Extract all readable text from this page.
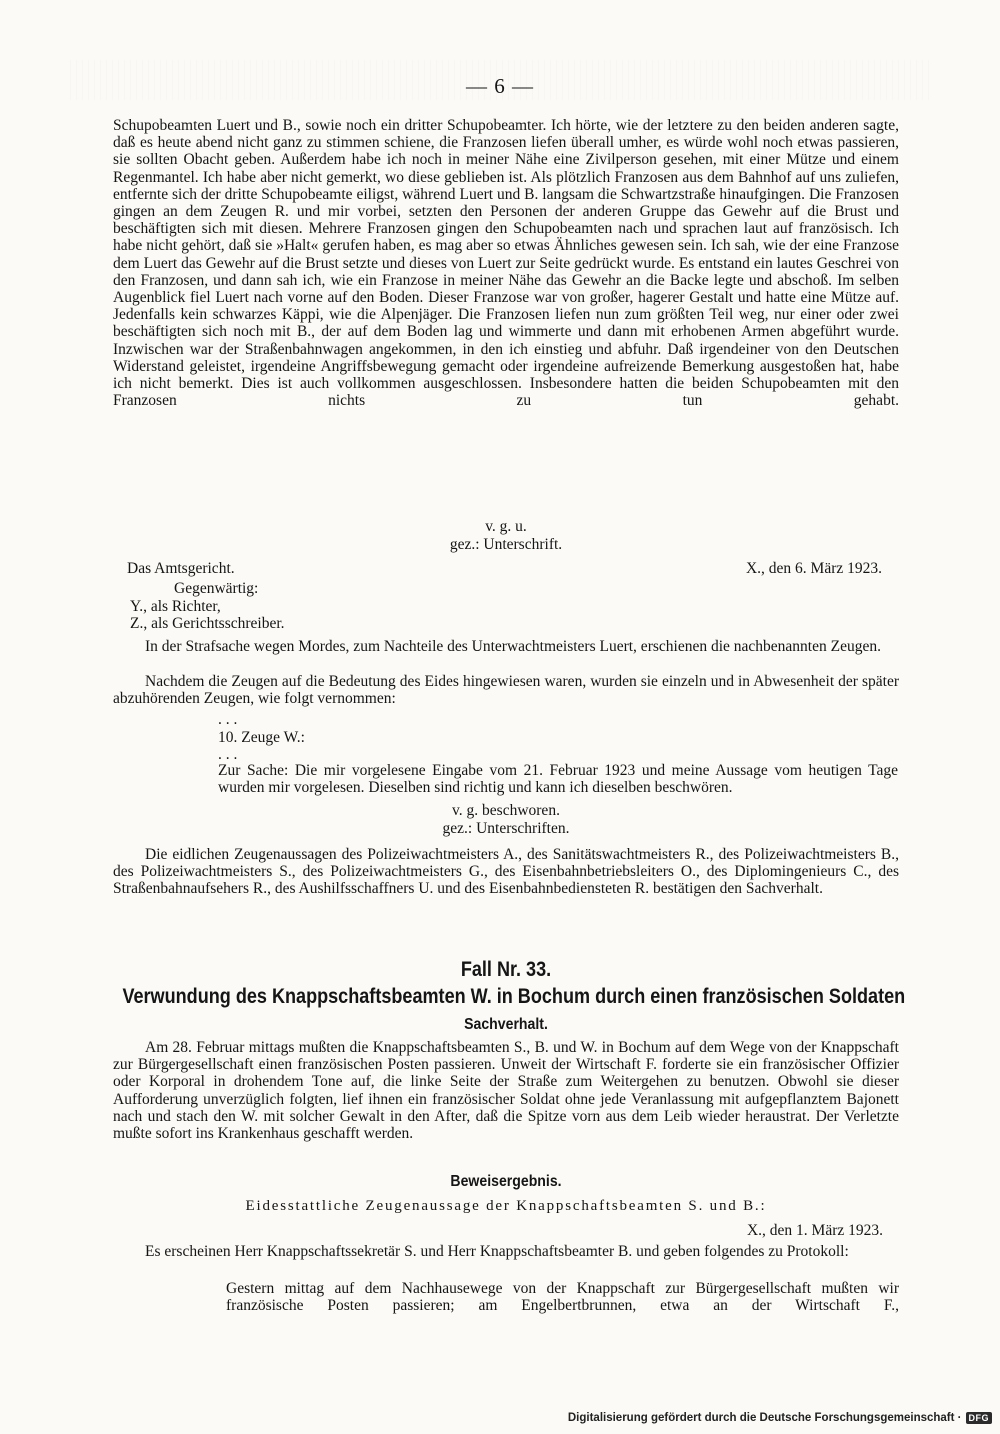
— 6 —
Schupobeamten Luert und B., sowie noch ein dritter Schupobeamter. Ich hörte, wie der letztere zu den beiden anderen sagte, daß es heute abend nicht ganz zu stimmen schiene, die Franzosen liefen überall umher, es würde wohl noch etwas passieren, sie sollten Obacht geben. Außerdem habe ich noch in meiner Nähe eine Zivilperson gesehen, mit einer Mütze und einem Regenmantel. Ich habe aber nicht gemerkt, wo diese geblieben ist. Als plötzlich Franzosen aus dem Bahnhof auf uns zuliefen, entfernte sich der dritte Schupobeamte eiligst, während Luert und B. langsam die Schwartzstraße hinaufgingen. Die Franzosen gingen an dem Zeugen R. und mir vorbei, setzten den Personen der anderen Gruppe das Gewehr auf die Brust und beschäftigten sich mit diesen. Mehrere Franzosen gingen den Schupobeamten nach und sprachen laut auf französisch. Ich habe nicht gehört, daß sie »Halt« gerufen haben, es mag aber so etwas Ähnliches gewesen sein. Ich sah, wie der eine Franzose dem Luert das Gewehr auf die Brust setzte und dieses von Luert zur Seite gedrückt wurde. Es entstand ein lautes Geschrei von den Franzosen, und dann sah ich, wie ein Franzose in meiner Nähe das Gewehr an die Backe legte und abschoß. Im selben Augenblick fiel Luert nach vorne auf den Boden. Dieser Franzose war von großer, hagerer Gestalt und hatte eine Mütze auf. Jedenfalls kein schwarzes Käppi, wie die Alpenjäger. Die Franzosen liefen nun zum größten Teil weg, nur einer oder zwei beschäftigten sich noch mit B., der auf dem Boden lag und wimmerte und dann mit erhobenen Armen abgeführt wurde. Inzwischen war der Straßenbahnwagen angekommen, in den ich einstieg und abfuhr. Daß irgendeiner von den Deutschen Widerstand geleistet, irgendeine Angriffsbewegung gemacht oder irgendeine aufreizende Bemerkung ausgestoßen hat, habe ich nicht bemerkt. Dies ist auch vollkommen ausgeschlossen. Insbesondere hatten die beiden Schupobeamten mit den Franzosen nichts zu tun gehabt.
v. g. u.
gez.: Unterschrift.
Das Amtsgericht.	X., den 6. März 1923.
Gegenwärtig:
Y., als Richter,
Z., als Gerichtsschreiber.
In der Strafsache wegen Mordes, zum Nachteile des Unterwachtmeisters Luert, erschienen die nachbenannten Zeugen.
Nachdem die Zeugen auf die Bedeutung des Eides hingewiesen waren, wurden sie einzeln und in Abwesenheit der später abzuhörenden Zeugen, wie folgt vernommen:
. . .
10. Zeuge W.:
. . .
Zur Sache: Die mir vorgelesene Eingabe vom 21. Februar 1923 und meine Aussage vom heutigen Tage wurden mir vorgelesen. Dieselben sind richtig und kann ich dieselben beschwören.
v. g. beschworen.
gez.: Unterschriften.
Die eidlichen Zeugenaussagen des Polizeiwachtmeisters A., des Sanitätswachtmeisters R., des Polizeiwachtmeisters B., des Polizeiwachtmeisters S., des Polizeiwachtmeisters G., des Eisenbahnbetriebsleiters O., des Diplomingenieurs C., des Straßenbahnaufsehers R., des Aushilfsschaffners U. und des Eisenbahnbediensteten R. bestätigen den Sachverhalt.
Fall Nr. 33.
Verwundung des Knappschaftsbeamten W. in Bochum durch einen französischen Soldaten
Sachverhalt.
Am 28. Februar mittags mußten die Knappschaftsbeamten S., B. und W. in Bochum auf dem Wege von der Knappschaft zur Bürgergesellschaft einen französischen Posten passieren. Unweit der Wirtschaft F. forderte sie ein französischer Offizier oder Korporal in drohendem Tone auf, die linke Seite der Straße zum Weitergehen zu benutzen. Obwohl sie dieser Aufforderung unverzüglich folgten, lief ihnen ein französischer Soldat ohne jede Veranlassung mit aufgepflanztem Bajonett nach und stach den W. mit solcher Gewalt in den After, daß die Spitze vorn aus dem Leib wieder heraustrat. Der Verletzte mußte sofort ins Krankenhaus geschafft werden.
Beweisergebnis.
Eidesstattliche Zeugenaussage der Knappschaftsbeamten S. und B.:
X., den 1. März 1923.
Es erscheinen Herr Knappschaftssekretär S. und Herr Knappschaftsbeamter B. und geben folgendes zu Protokoll:
Gestern mittag auf dem Nachhausewege von der Knappschaft zur Bürgergesellschaft mußten wir französische Posten passieren; am Engelbertbrunnen, etwa an der Wirtschaft F.,
Digitalisierung gefördert durch die Deutsche Forschungsgemeinschaft · DFG
